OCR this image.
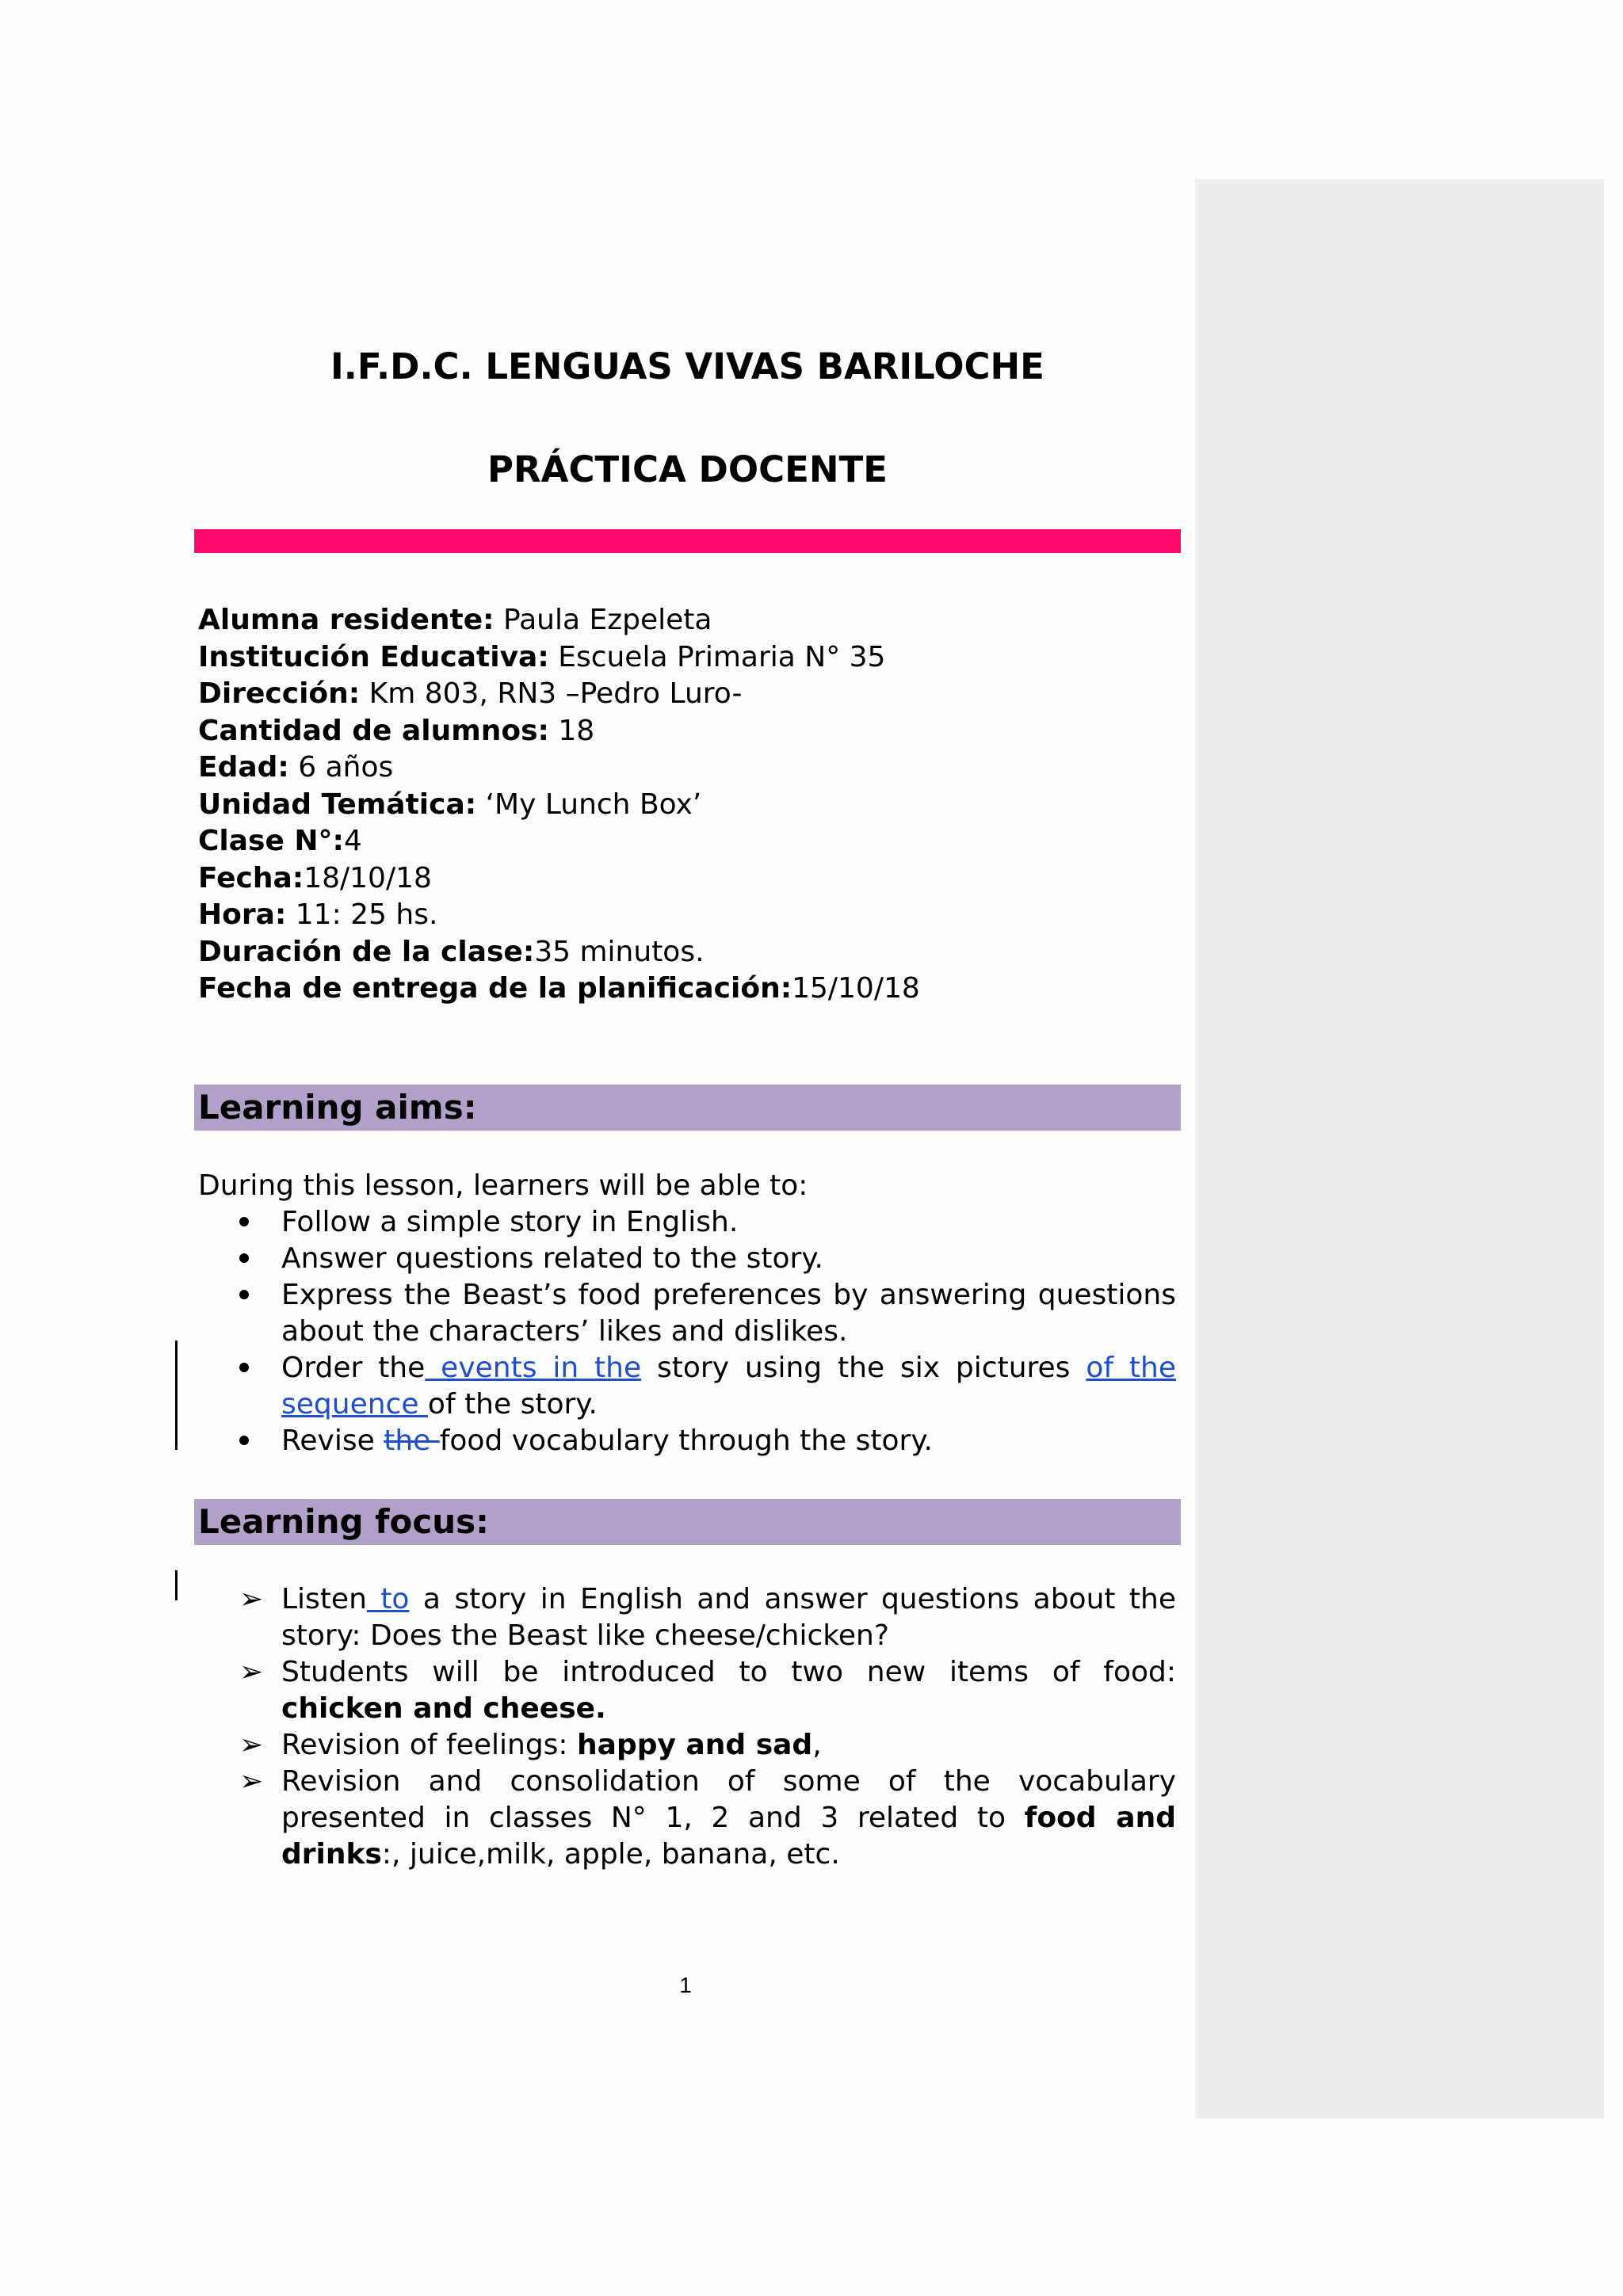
I.F.D.C. LENGUAS VIVAS BARILOCHE
PRÁCTICA DOCENTE
Alumna residente: Paula Ezpeleta
Institución Educativa: Escuela Primaria N° 35
Dirección: Km 803, RN3 –Pedro Luro-
Cantidad de alumnos: 18
Edad: 6 años
Unidad Temática: ‘My Lunch Box’
Clase N°:4
Fecha:18/10/18
Hora: 11: 25 hs.
Duración de la clase:35 minutos.
Fecha de entrega de la planificación:15/10/18
Learning aims:
During this lesson, learners will be able to:
Follow a simple story in English.
Answer questions related to the story.
Express the Beast’s food preferences by answering questions about the characters’ likes and dislikes.
Order the events in the story using the six pictures of the sequence of the story.
Revise the food vocabulary through the story.
Learning focus:
➢ Listen to a story in English and answer questions about the story: Does the Beast like cheese/chicken?
➢ Students will be introduced to two new items of food: chicken and cheese.
➢ Revision of feelings: happy and sad,
➢ Revision and consolidation of some of the vocabulary presented in classes N° 1, 2 and 3 related to food and drinks:, juice,milk, apple, banana, etc.
1
